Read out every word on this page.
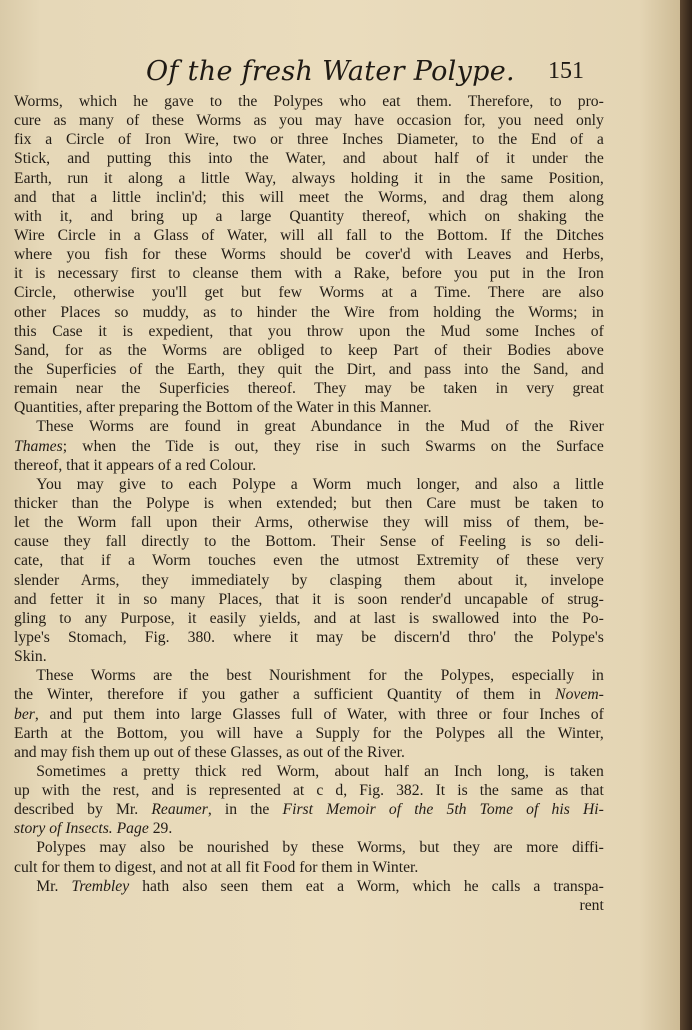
Of the fresh Water Polype. 151
Worms, which he gave to the Polypes who eat them. Therefore, to pro-
cure as many of these Worms as you may have occasion for, you need only
fix a Circle of Iron Wire, two or three Inches Diameter, to the End of a
Stick, and putting this into the Water, and about half of it under the
Earth, run it along a little Way, always holding it in the same Position,
and that a little inclin'd; this will meet the Worms, and drag them along
with it, and bring up a large Quantity thereof, which on shaking the
Wire Circle in a Glass of Water, will all fall to the Bottom. If the Ditches
where you fish for these Worms should be cover'd with Leaves and Herbs,
it is necessary first to cleanse them with a Rake, before you put in the Iron
Circle, otherwise you'll get but few Worms at a Time. There are also
other Places so muddy, as to hinder the Wire from holding the Worms; in
this Case it is expedient, that you throw upon the Mud some Inches of
Sand, for as the Worms are obliged to keep Part of their Bodies above
the Superficies of the Earth, they quit the Dirt, and pass into the Sand, and
remain near the Superficies thereof. They may be taken in very great
Quantities, after preparing the Bottom of the Water in this Manner.
These Worms are found in great Abundance in the Mud of the River
Thames; when the Tide is out, they rise in such Swarms on the Surface
thereof, that it appears of a red Colour.
You may give to each Polype a Worm much longer, and also a little
thicker than the Polype is when extended; but then Care must be taken to
let the Worm fall upon their Arms, otherwise they will miss of them, be-
cause they fall directly to the Bottom. Their Sense of Feeling is so deli-
cate, that if a Worm touches even the utmost Extremity of these very
slender Arms, they immediately by clasping them about it, invelope
and fetter it in so many Places, that it is soon render'd uncapable of strug-
gling to any Purpose, it easily yields, and at last is swallowed into the Po-
lype's Stomach, Fig. 380. where it may be discern'd thro' the Polype's
Skin.
These Worms are the best Nourishment for the Polypes, especially in
the Winter, therefore if you gather a sufficient Quantity of them in Novem-
ber, and put them into large Glasses full of Water, with three or four Inches of
Earth at the Bottom, you will have a Supply for the Polypes all the Winter,
and may fish them up out of these Glasses, as out of the River.
Sometimes a pretty thick red Worm, about half an Inch long, is taken
up with the rest, and is represented at c d, Fig. 382. It is the same as that
described by Mr. Reaumer, in the First Memoir of the 5th Tome of his Hi-
story of Insects. Page 29.
Polypes may also be nourished by these Worms, but they are more diffi-
cult for them to digest, and not at all fit Food for them in Winter.
Mr. Trembley hath also seen them eat a Worm, which he calls a transpa-
rent
